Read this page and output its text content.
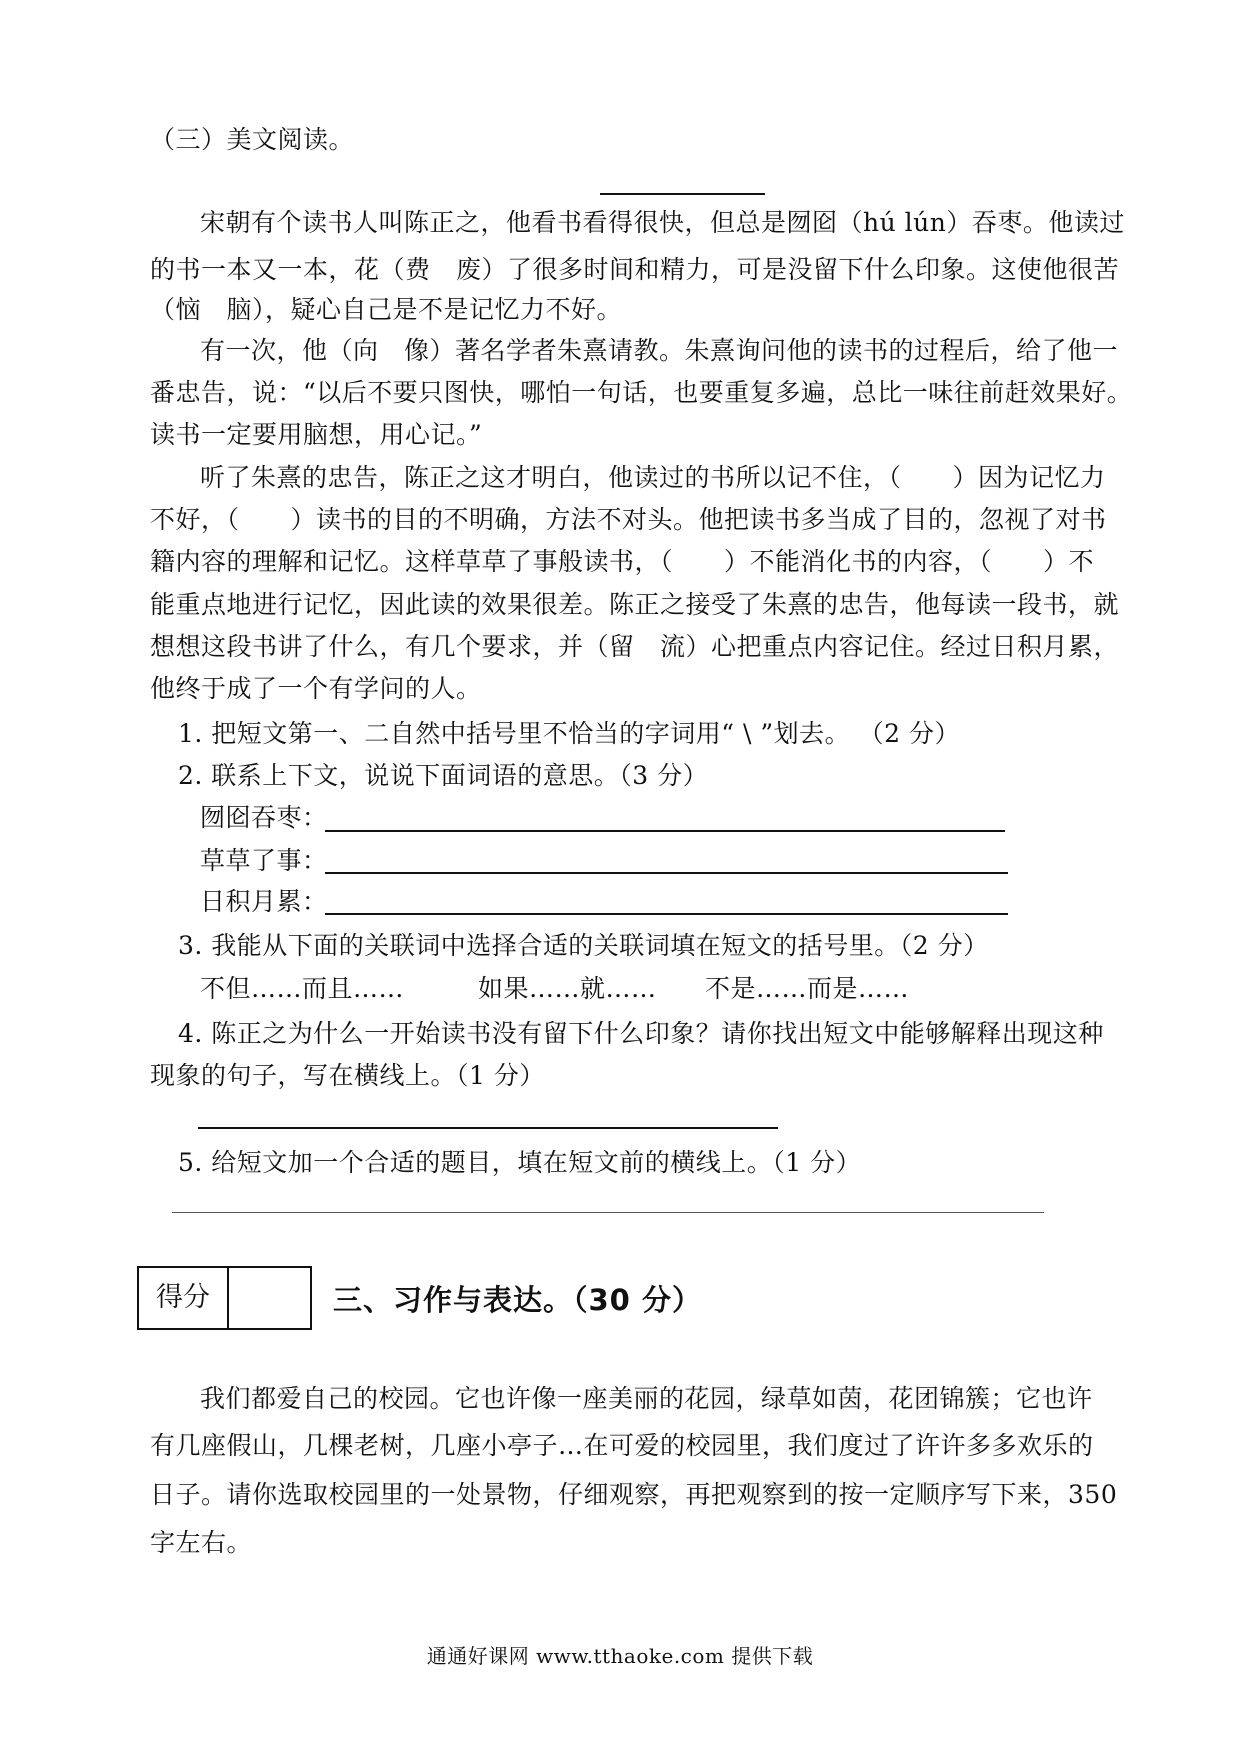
（三）美文阅读。
宋朝有个读书人叫陈正之，他看书看得很快，但总是囫囵（hú lún）吞枣。他读过
的书一本又一本，花（费　废）了很多时间和精力，可是没留下什么印象。这使他很苦
（恼　脑），疑心自己是不是记忆力不好。
有一次，他（向　像）著名学者朱熹请教。朱熹询问他的读书的过程后，给了他一
番忠告，说：“以后不要只图快，哪怕一句话，也要重复多遍，总比一味往前赶效果好。
读书一定要用脑想，用心记。”
听了朱熹的忠告，陈正之这才明白，他读过的书所以记不住，（　　）因为记忆力
不好，（　　）读书的目的不明确，方法不对头。他把读书多当成了目的，忽视了对书
籍内容的理解和记忆。这样草草了事般读书，（　　）不能消化书的内容，（　　）不
能重点地进行记忆，因此读的效果很差。陈正之接受了朱熹的忠告，他每读一段书，就
想想这段书讲了什么，有几个要求，并（留　流）心把重点内容记住。经过日积月累，
他终于成了一个有学问的人。
1. 把短文第一、二自然中括号里不恰当的字词用“ \ ”划去。 （2 分）
2. 联系上下文，说说下面词语的意思。（3 分）
囫囵吞枣：
草草了事：
日积月累：
3. 我能从下面的关联词中选择合适的关联词填在短文的括号里。（2 分）
不但……而且……	如果……就…… 不是……而是……
4. 陈正之为什么一开始读书没有留下什么印象？请你找出短文中能够解释出现这种
现象的句子，写在横线上。（1 分）
5. 给短文加一个合适的题目，填在短文前的横线上。（1 分）
得分	三、习作与表达。（30 分）
我们都爱自己的校园。它也许像一座美丽的花园，绿草如茵，花团锦簇；它也许
有几座假山，几棵老树，几座小亭子…在可爱的校园里，我们度过了许许多多欢乐的
日子。请你选取校园里的一处景物，仔细观察，再把观察到的按一定顺序写下来，350
字左右。
通通好课网 www.tthaoke.com 提供下载
